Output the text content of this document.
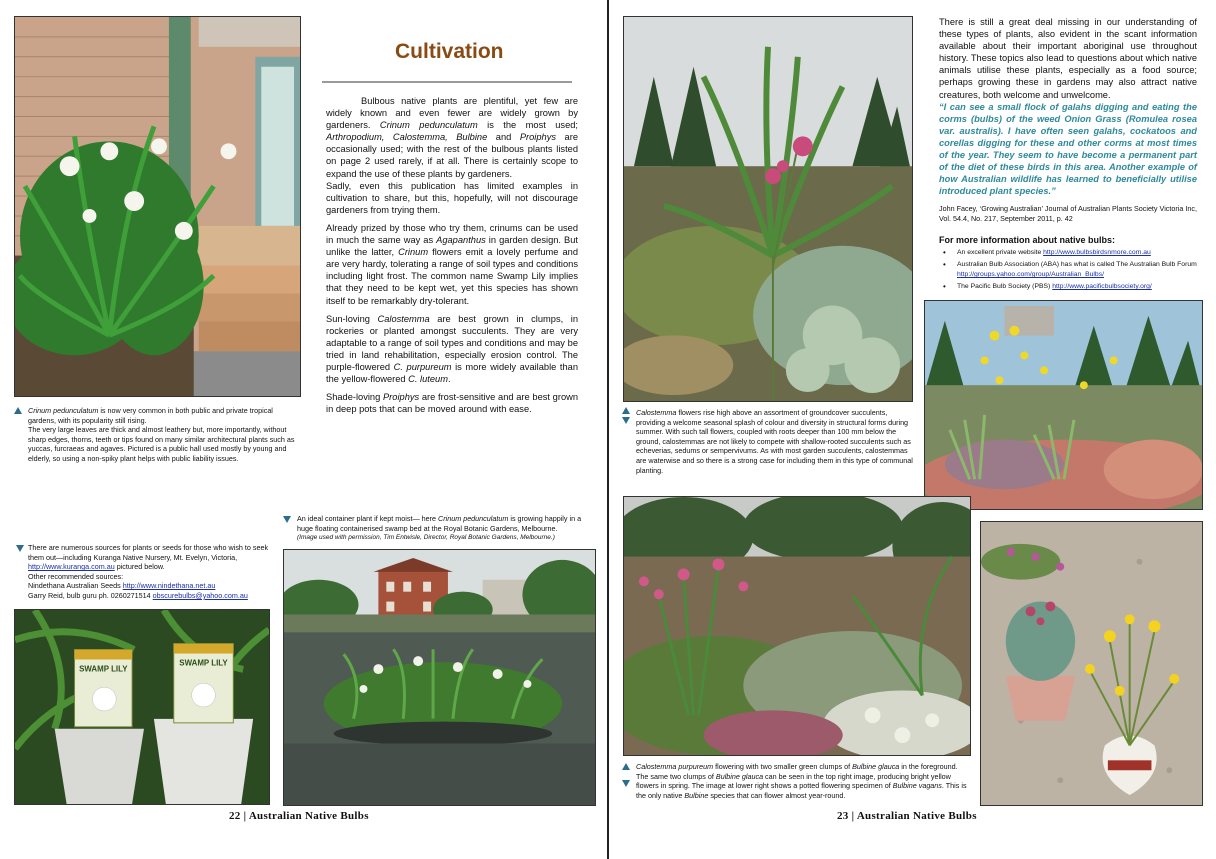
Cultivation

Bulbous native plants are plentiful, yet few are widely known and even fewer are widely grown by gardeners. Crinum pedunculatum is the most used; Arthropodium, Calostemma, Bulbine and Proiphys are occasionally used; with the rest of the bulbous plants listed on page 2 used rarely, if at all. There is certainly scope to expand the use of these plants by gardeners.

Sadly, even this publication has limited examples in cultivation to share, but this, hopefully, will not discourage gardeners from trying them.

Already prized by those who try them, crinums can be used in much the same way as Agapanthus in garden design. But unlike the latter, Crinum flowers emit a lovely perfume and are very hardy, tolerating a range of soil types and conditions including light frost. The common name Swamp Lily implies that they need to be kept wet, yet this species has shown itself to be remarkably dry-tolerant.

Sun-loving Calostemma are best grown in clumps, in rockeries or planted amongst succulents. They are very adaptable to a range of soil types and conditions and may be tried in land rehabilitation, especially erosion control. The purple-flowered C. purpureum is more widely available than the yellow-flowered C. luteum.

Shade-loving Proiphys are frost-sensitive and are best grown in deep pots that can be moved around with ease.

Crinum pedunculatum is now very common in both public and private tropical gardens, with its popularity still rising.
The very large leaves are thick and almost leathery but, more importantly, without sharp edges, thorns, teeth or tips found on many similar architectural plants such as yuccas, furcraeas and agaves. Pictured is a public hall used mostly by young and elderly, so using a non-spiky plant helps with public liability issues.
An ideal container plant if kept moist— here Crinum pedunculatum is growing happily in a huge floating containerised swamp bed at the Royal Botanic Gardens, Melbourne.
(Image used with permission, Tim Entwisle, Director, Royal Botanic Gardens, Melbourne.)
There are numerous sources for plants or seeds for those who wish to seek them out—including Kuranga Native Nursery, Mt. Evelyn, Victoria,
http://www.kuranga.com.au pictured below.
Other recommended sources:
Nindethana Australian Seeds http://www.nindethana.net.au
Garry Reid, bulb guru ph. 0260271514 obscurebulbs@yahoo.com.au
SWAMP LILY
SWAMP LILY
22 | Australian Native Bulbs

There is still a great deal missing in our understanding of these types of plants, also evident in the scant information available about their important aboriginal use throughout history. These topics also lead to questions about which native animals utilise these plants, especially as a food source; perhaps growing these in gardens may also attract native creatures, both welcome and unwelcome.

“I can see a small flock of galahs digging and eating the corms (bulbs) of the weed Onion Grass (Romulea rosea var. australis). I have often seen galahs, cockatoos and corellas digging for these and other corms at most times of the year. They seem to have become a permanent part of the diet of these birds in this area. Another example of how Australian wildlife has learned to beneficially utilise introduced plant species.”

John Facey, ‘Growing Australian’ Journal of Australian Plants Society Victoria Inc, Vol. 54.4, No. 217, September 2011, p. 42
For more information about native bulbs:
• An excellent private website http://www.bulbsbirdsnmore.com.au
• Australian Bulb Association (ABA) has what is called The Australian Bulb Forum http://groups.yahoo.com/group/Australian_Bulbs/
• The Pacific Bulb Society (PBS) http://www.pacificbulbsociety.org/
Calostemma flowers rise high above an assortment of groundcover succulents, providing a welcome seasonal splash of colour and diversity in structural forms during summer. With such tall flowers, coupled with roots deeper than 100 mm below the ground, calostemmas are not likely to compete with shallow-rooted succulents such as echeverias, sedums or sempervivums. As with most garden succulents, calostemmas are waterwise and so there is a strong case for including them in this type of communal planting.
Calostemma purpureum flowering with two smaller green clumps of Bulbine glauca in the foreground. The same two clumps of Bulbine glauca can be seen in the top right image, producing bright yellow flowers in spring. The image at lower right shows a potted flowering specimen of Bulbine vagans. This is the only native Bulbine species that can flower almost year-round.
23 | Australian Native Bulbs
